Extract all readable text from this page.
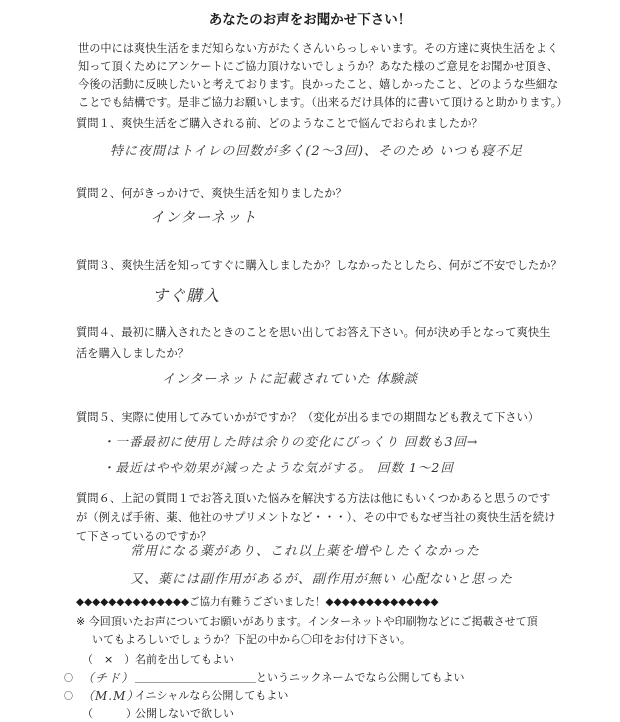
あなたのお声をお聞かせ下さい！
世の中には爽快生活をまだ知らない方がたくさんいらっしゃいます。その方達に爽快生活をよく
知って頂くためにアンケートにご協力頂けないでしょうか？あなた様のご意見をお聞かせ頂き、
今後の活動に反映したいと考えております。良かったこと、嬉しかったこと、どのような些細な
ことでも結構です。是非ご協力お願いします。（出来るだけ具体的に書いて頂けると助かります。）
質問１、爽快生活をご購入される前、どのようなことで悩んでおられましたか？
特に夜間はトイレの回数が多く(2～3回)、そのため いつも寝不足
質問２、何がきっかけで、爽快生活を知りましたか？
インターネット
質問３、爽快生活を知ってすぐに購入しましたか？しなかったとしたら、何がご不安でしたか？
すぐ購入
質問４、最初に購入されたときのことを思い出してお答え下さい。何が決め手となって爽快生
活を購入しましたか？
インターネットに記載されていた 体験談
質問５、実際に使用してみていかがですか？（変化が出るまでの期間なども教えて下さい）
・一番最初に使用した時は余りの変化にびっくり 回数も3回→
・最近はやや効果が減ったような気がする。 回数 1～2回
質問６、上記の質問１でお答え頂いた悩みを解決する方法は他にもいくつかあると思うのです
が（例えば手術、薬、他社のサプリメントなど・・・）、その中でもなぜ当社の爽快生活を続け
て下さっているのですか？
常用になる薬があり、これ以上薬を増やしたくなかった
又、薬には副作用があるが、副作用が無い 心配ないと思った
◆◆◆◆◆◆◆◆◆◆◆◆◆◆ご協力有難うございました！◆◆◆◆◆◆◆◆◆◆◆◆◆◆
※ 今回頂いたお声についてお願いがあります。インターネットや印刷物などにご掲載させて頂
いてもよろしいでしょうか？下記の中から〇印をお付け下さい。
（　×　） 名前を出してもよい
〇 （チド） ＿＿＿＿＿＿＿＿＿＿＿というニックネームでなら公開してもよい
〇 （M.M）
イニシャルなら公開してもよい
（　　　）
公開しないで欲しい
